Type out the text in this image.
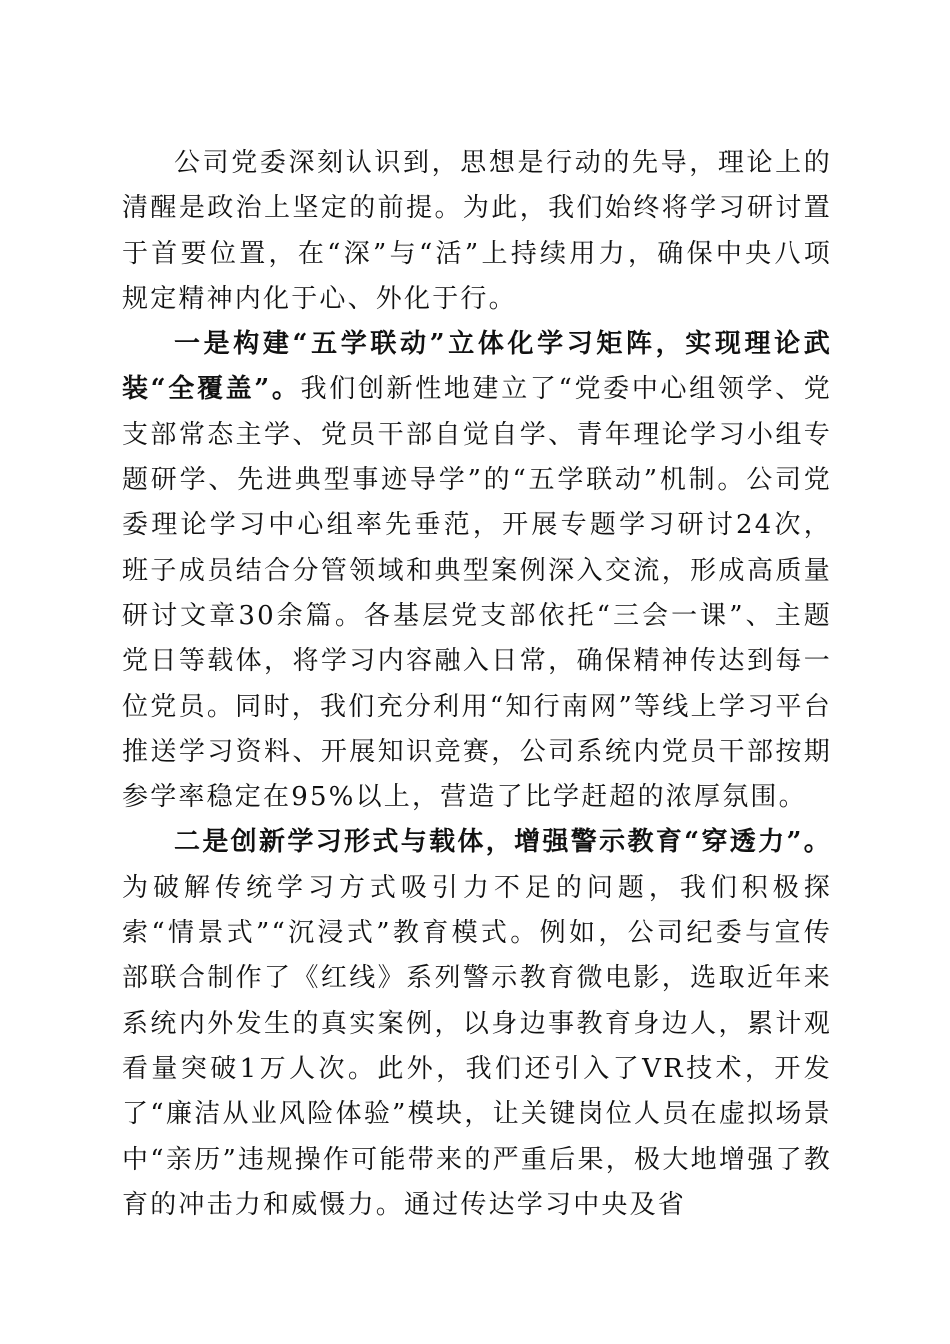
公司党委深刻认识到，思想是行动的先导，理论上的清醒是政治上坚定的前提。为此，我们始终将学习研讨置于首要位置，在“深”与“活”上持续用力，确保中央八项规定精神内化于心、外化于行。

一是构建“五学联动”立体化学习矩阵，实现理论武装“全覆盖”。我们创新性地建立了“党委中心组领学、党支部常态主学、党员干部自觉自学、青年理论学习小组专题研学、先进典型事迹导学”的“五学联动”机制。公司党委理论学习中心组率先垂范，开展专题学习研讨24次，班子成员结合分管领域和典型案例深入交流，形成高质量研讨文章30余篇。各基层党支部依托“三会一课”、主题党日等载体，将学习内容融入日常，确保精神传达到每一位党员。同时，我们充分利用“知行南网”等线上学习平台推送学习资料、开展知识竞赛，公司系统内党员干部按期参学率稳定在95%以上，营造了比学赶超的浓厚氛围。

二是创新学习形式与载体，增强警示教育“穿透力”。为破解传统学习方式吸引力不足的问题，我们积极探索“情景式”“沉浸式”教育模式。例如，公司纪委与宣传部联合制作了《红线》系列警示教育微电影，选取近年来系统内外发生的真实案例，以身边事教育身边人，累计观看量突破1万人次。此外，我们还引入了VR技术，开发了“廉洁从业风险体验”模块，让关键岗位人员在虚拟场景中“亲历”违规操作可能带来的严重后果，极大地增强了教育的冲击力和威慑力。通过传达学习中央及省
